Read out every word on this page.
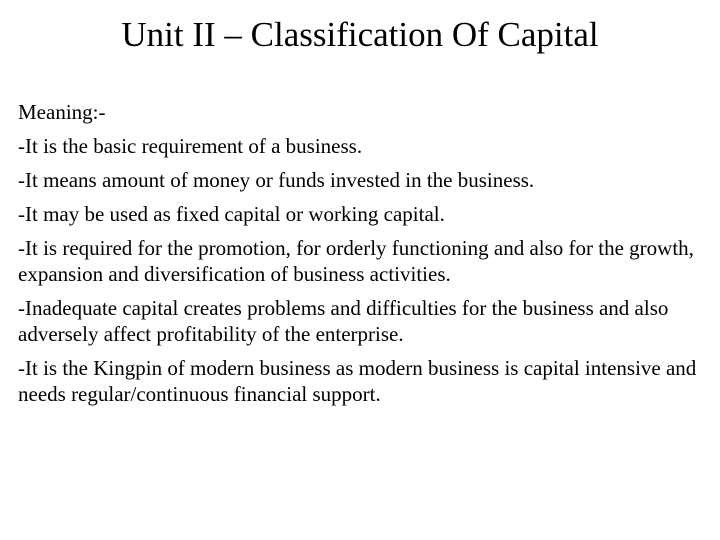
Unit II – Classification Of Capital

Meaning:-

-It is the basic requirement of a business.

-It means amount of money or funds invested in the business.

-It may be used as fixed capital or working capital.

-It is required for the promotion, for orderly functioning and also for the growth, expansion and diversification of business activities.

-Inadequate capital creates problems and difficulties for the business and also adversely affect profitability of the enterprise.

-It is the Kingpin of modern business as modern business is capital intensive and needs regular/continuous financial support.
